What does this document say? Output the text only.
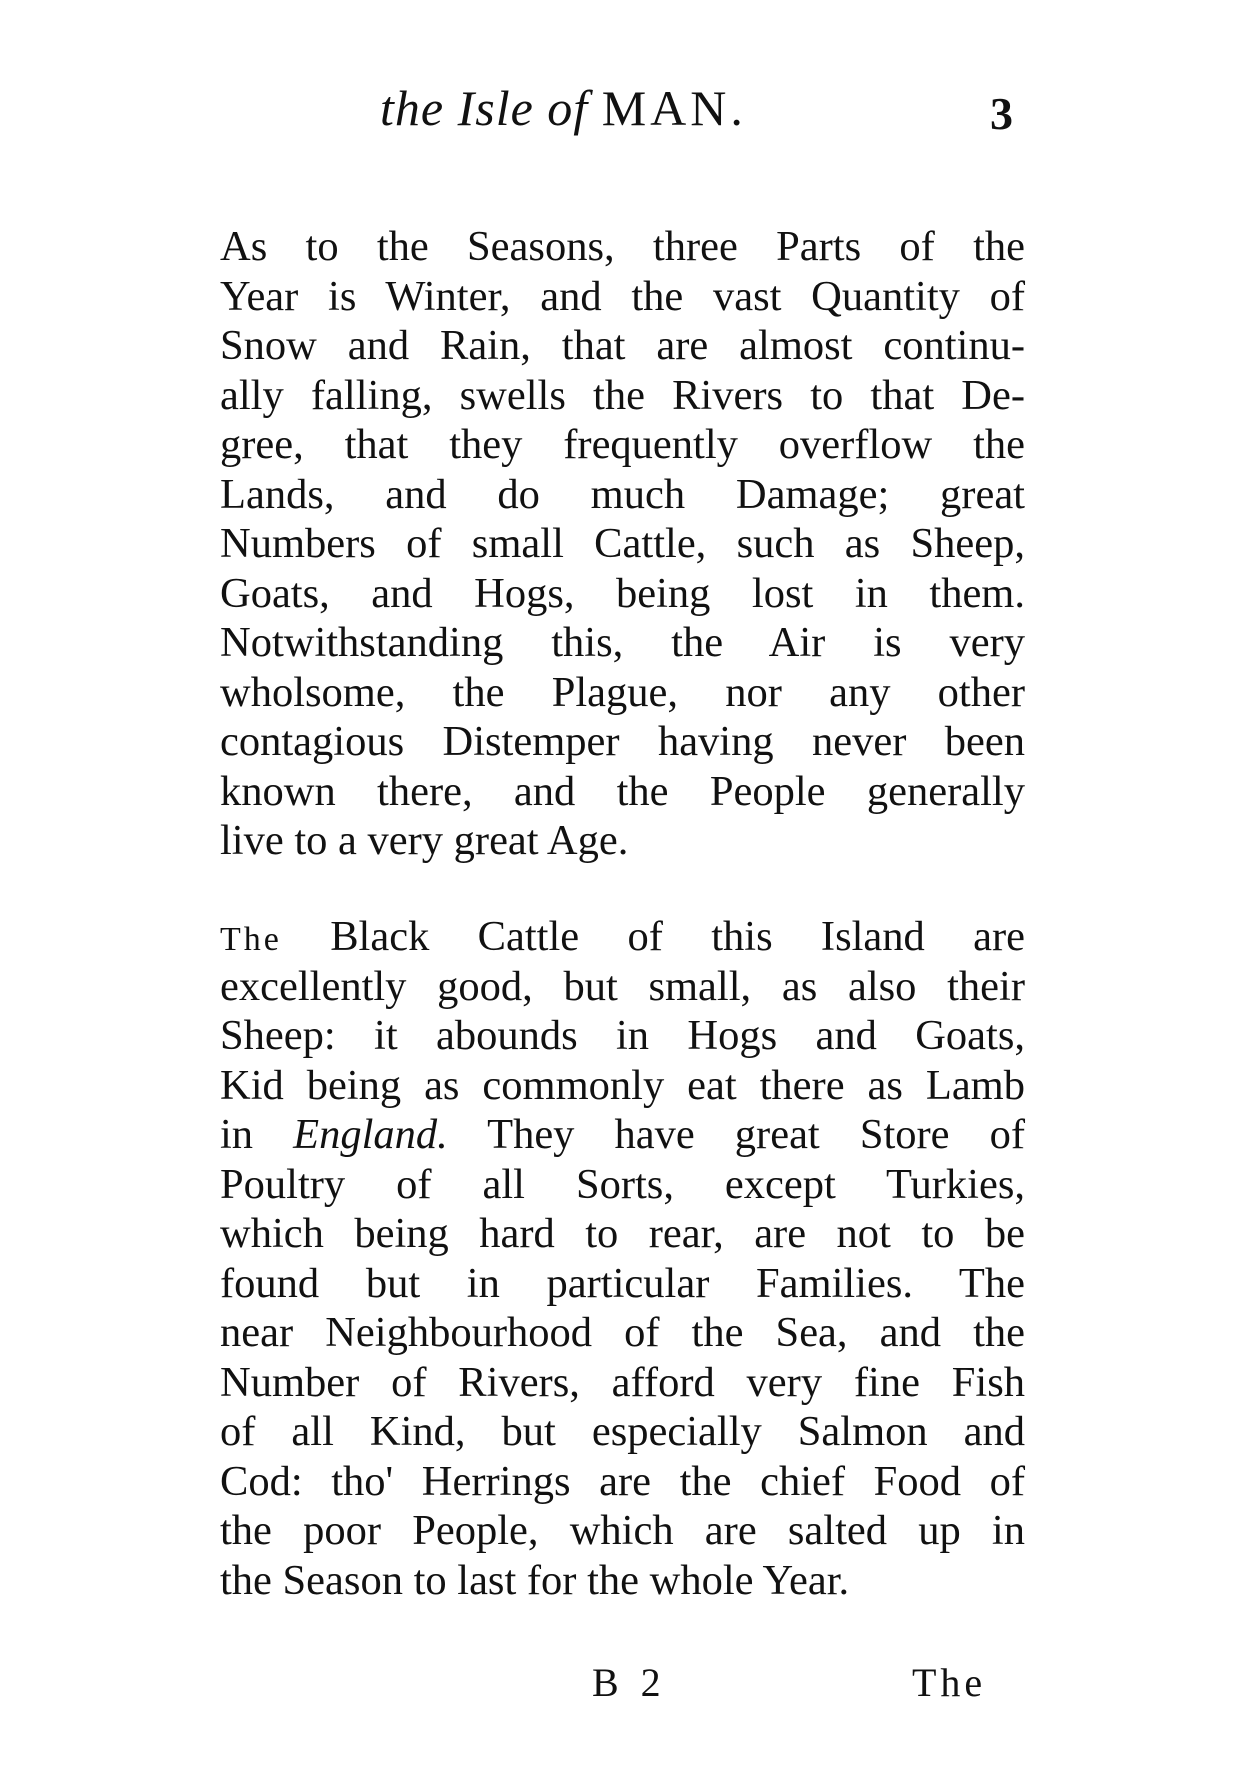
the Isle of MAN.	3
As to the Seasons, three Parts of the
Year is Winter, and the vast Quantity of
Snow and Rain, that are almost continu-
ally falling, swells the Rivers to that De-
gree, that they frequently overflow the
Lands, and do much Damage; great
Numbers of small Cattle, such as Sheep,
Goats, and Hogs, being lost in them.
Notwithstanding this, the Air is very
wholsome, the Plague, nor any other
contagious Distemper having never been
known there, and the People generally
live to a very great Age.
The Black Cattle of this Island are
excellently good, but small, as also their
Sheep: it abounds in Hogs and Goats,
Kid being as commonly eat there as Lamb
in England. They have great Store of
Poultry of all Sorts, except Turkies,
which being hard to rear, are not to be
found but in particular Families. The
near Neighbourhood of the Sea, and the
Number of Rivers, afford very fine Fish
of all Kind, but especially Salmon and
Cod: tho' Herrings are the chief Food of
the poor People, which are salted up in
the Season to last for the whole Year.
B 2	The
